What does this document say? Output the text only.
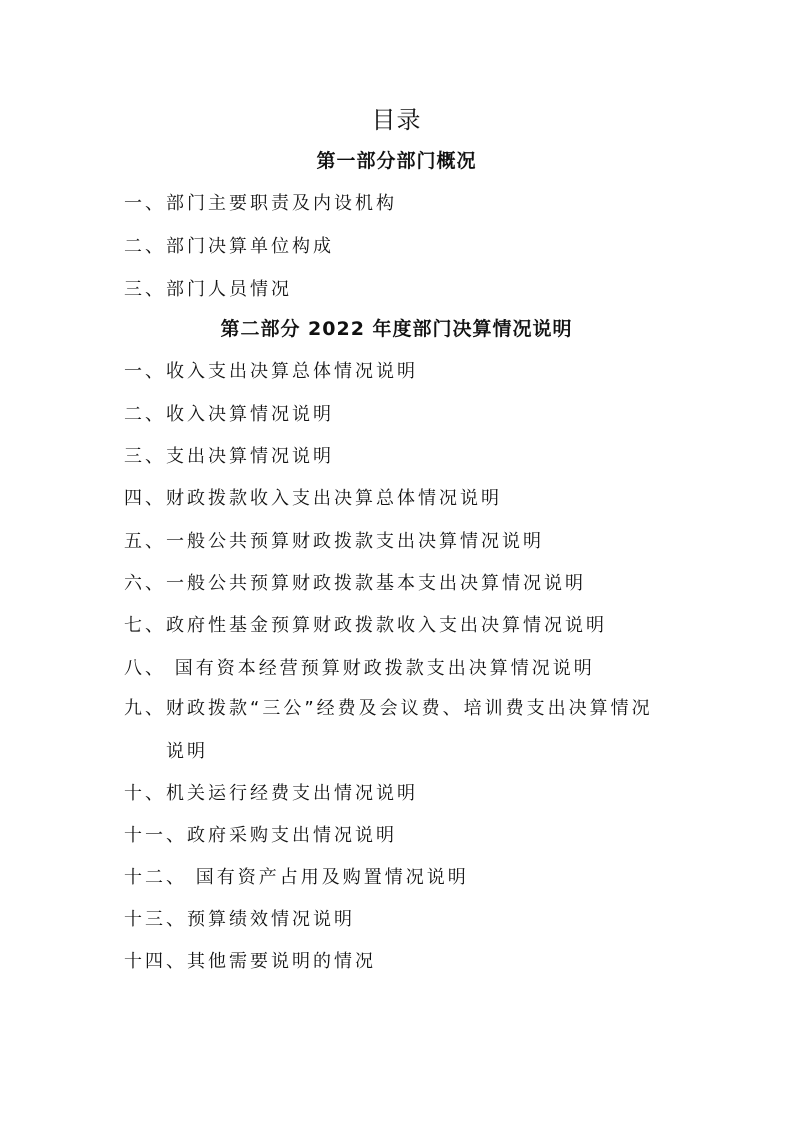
目录
第一部分部门概况
一、部门主要职责及内设机构
二、部门决算单位构成
三、部门人员情况
第二部分 2022 年度部门决算情况说明
一、收入支出决算总体情况说明
二、收入决算情况说明
三、支出决算情况说明
四、财政拨款收入支出决算总体情况说明
五、一般公共预算财政拨款支出决算情况说明
六、一般公共预算财政拨款基本支出决算情况说明
七、政府性基金预算财政拨款收入支出决算情况说明
八、 国有资本经营预算财政拨款支出决算情况说明
九、财政拨款“三公”经费及会议费、培训费支出决算情况
说明
十、机关运行经费支出情况说明
十一、政府采购支出情况说明
十二、 国有资产占用及购置情况说明
十三、预算绩效情况说明
十四、其他需要说明的情况
